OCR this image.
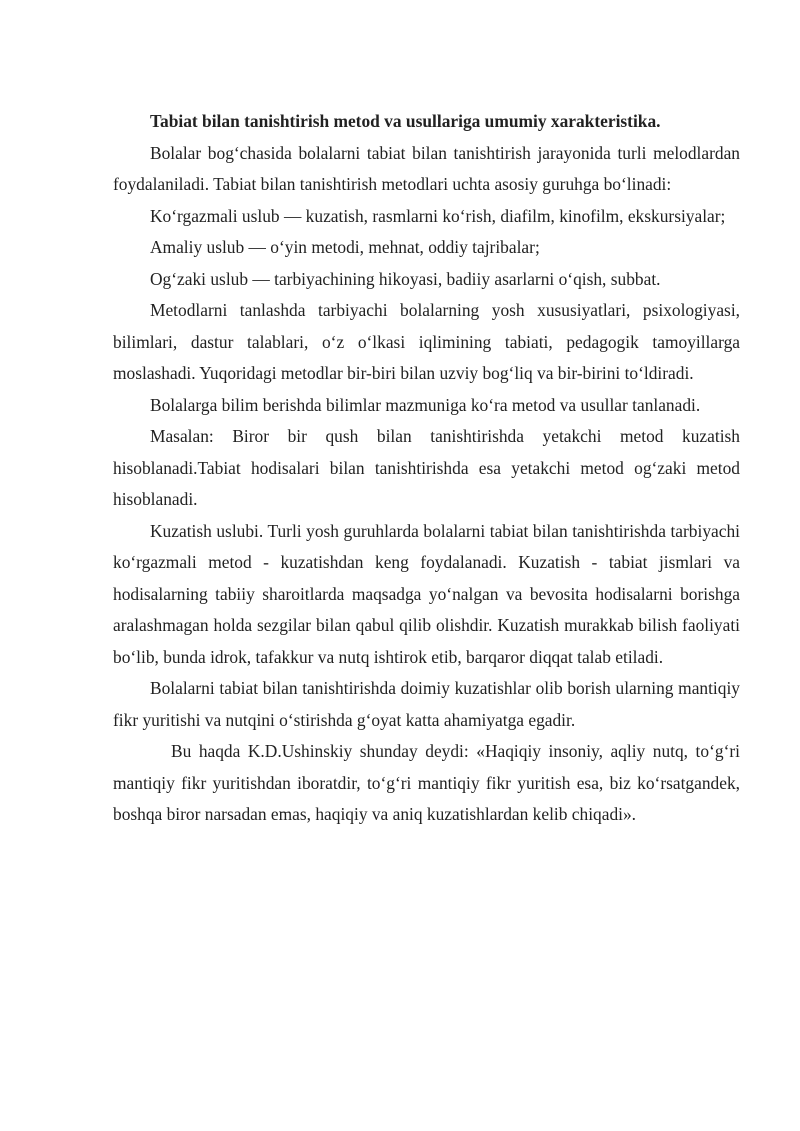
Tabiat bilan tanishtirish metod va usullariga umumiy xarakteristika.

Bolalar bog‘chasida bolalarni tabiat bilan tanishtirish jarayonida turli melodlardan foydalaniladi. Tabiat bilan tanishtirish metodlari uchta asosiy guruhga bo‘linadi:

Ko‘rgazmali uslub — kuzatish, rasmlarni ko‘rish, diafilm, kinofilm, ekskursiyalar;

Amaliy uslub — o‘yin metodi, mehnat, oddiy tajribalar;

Og‘zaki uslub — tarbiyachining hikoyasi, badiiy asarlarni o‘qish, subbat.

Metodlarni tanlashda tarbiyachi bolalarning yosh xususiyatlari, psixologiyasi, bilimlari, dastur talablari, o‘z o‘lkasi iqlimining tabiati, pedagogik tamoyillarga moslashadi. Yuqoridagi metodlar bir-biri bilan uzviy bog‘liq va bir-birini to‘ldiradi.

Bolalarga bilim berishda bilimlar mazmuniga ko‘ra metod va usullar tanlanadi.

Masalan: Biror bir qush bilan tanishtirishda yetakchi metod kuzatish hisoblanadi.Tabiat hodisalari bilan tanishtirishda esa yetakchi metod og‘zaki metod hisoblanadi.

Kuzatish uslubi. Turli yosh guruhlarda bolalarni tabiat bilan tanishtirishda tarbiyachi ko‘rgazmali metod - kuzatishdan keng foydalanadi. Kuzatish - tabiat jismlari va hodisalarning tabiiy sharoitlarda maqsadga yo‘nalgan va bevosita hodisalarni borishga aralashmagan holda sezgilar bilan qabul qilib olishdir. Kuzatish murakkab bilish faoliyati bo‘lib, bunda idrok, tafakkur va nutq ishtirok etib, barqaror diqqat talab etiladi.

Bolalarni tabiat bilan tanishtirishda doimiy kuzatishlar olib borish ularning mantiqiy fikr yuritishi va nutqini o‘stirishda g‘oyat katta ahamiyatga egadir.

Bu haqda K.D.Ushinskiy shunday deydi: «Haqiqiy insoniy, aqliy nutq, to‘g‘ri mantiqiy fikr yuritishdan iboratdir, to‘g‘ri mantiqiy fikr yuritish esa, biz ko‘rsatgandek, boshqa biror narsadan emas, haqiqiy va aniq kuzatishlardan kelib chiqadi».
